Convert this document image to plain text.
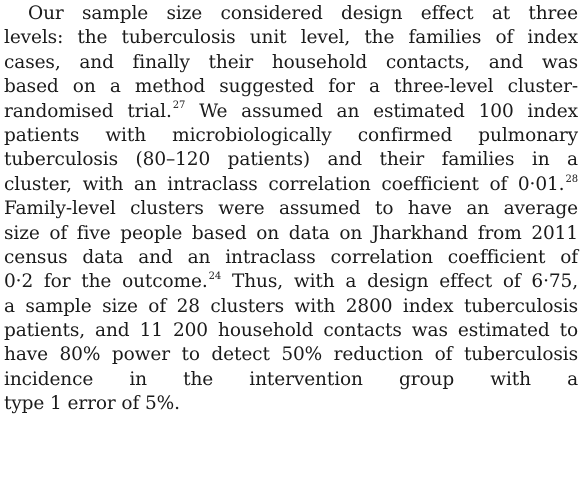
Our sample size considered design effect at three
levels: the tuberculosis unit level, the families of index
cases, and finally their household contacts, and was
based on a method suggested for a three-level cluster-
randomised trial.$^{27}$ We assumed an estimated 100 index
patients with microbiologically confirmed pulmonary
tuberculosis (80–120 patients) and their families in a
cluster, with an intraclass correlation coefficient of 0·01.28
Family-level clusters were assumed to have an average
size of five people based on data on Jharkhand from 2011
census data and an intraclass correlation coefficient of
0·2 for the outcome.$^{24}$ Thus, with a design effect of 6·75,
a sample size of 28 clusters with 2800 index tuberculosis
patients, and 11 200 household contacts was estimated to
have 80% power to detect 50% reduction of tuberculosis
incidence in the intervention group with a
type 1 error of 5%.
